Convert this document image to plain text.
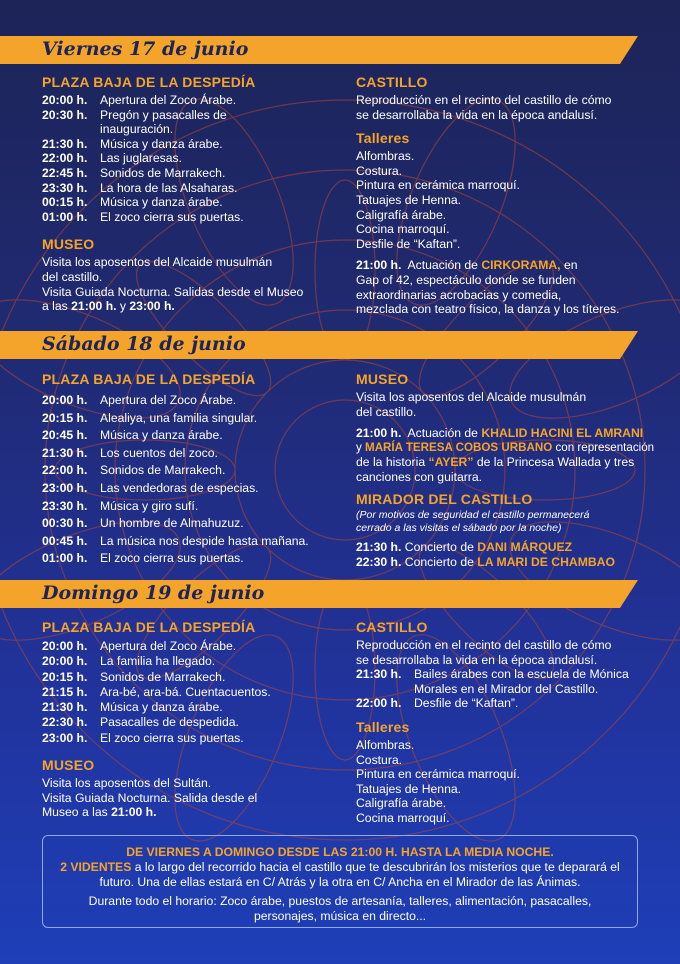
Viernes 17 de junio
PLAZA BAJA DE LA DESPEDÍA
20:00 h.	Apertura del Zoco Árabe.
20:30 h.	Pregón y pasacalles de inauguración.
21:30 h.	Música y danza árabe.
22:00 h.	Las juglaresas.
22:45 h.	Sonidos de Marrakech.
23:30 h.	La hora de las Alsaharas.
00:15 h.	Música y danza árabe.
01:00 h.	El zoco cierra sus puertas.
MUSEO
Visita los aposentos del Alcaide musulmán
del castillo.
Visita Guiada Nocturna. Salidas desde el Museo
a las 21:00 h. y 23:00 h.
CASTILLO
Reproducción en el recinto del castillo de cómo
se desarrollaba la vida en la época andalusí.
Talleres
Alfombras.
Costura.
Pintura en cerámica marroquí.
Tatuajes de Henna.
Caligrafía árabe.
Cocina marroquí.
Desfile de “Kaftan”.
21:00 h. Actuación de CIRKORAMA, en
Gap of 42, espectáculo donde se funden
extraordinarias acrobacias y comedia,
mezclada con teatro físico, la danza y los títeres.
Sábado 18 de junio
PLAZA BAJA DE LA DESPEDÍA
20:00 h.	Apertura del Zoco Árabe.
20:15 h.	Alealiya, una familia singular.
20:45 h.	Música y danza árabe.
21:30 h.	Los cuentos del zoco.
22:00 h.	Sonidos de Marrakech.
23:00 h.	Las vendedoras de especias.
23:30 h.	Música y giro sufí.
00:30 h.	Un hombre de Almahuzuz.
00:45 h.	La música nos despide hasta mañana.
01:00 h.	El zoco cierra sus puertas.
MUSEO
Visita los aposentos del Alcaide musulmán
del castillo.
21:00 h. Actuación de KHALID HACINI EL AMRANI
y MARÍA TERESA COBOS URBANO con representación
de la historia “AYER” de la Princesa Wallada y tres
canciones con guitarra.
MIRADOR DEL CASTILLO
(Por motivos de seguridad el castillo permanecerá
cerrado a las visitas el sábado por la noche)
21:30 h. Concierto de DANI MÁRQUEZ
22:30 h. Concierto de LA MARI DE CHAMBAO
Domingo 19 de junio
PLAZA BAJA DE LA DESPEDÍA
20:00 h.	Apertura del Zoco Árabe.
20:00 h.	La familia ha llegado.
20:15 h.	Sonidos de Marrakech.
21:15 h.	Ara-bé, ara-bá. Cuentacuentos.
21:30 h.	Música y danza árabe.
22:30 h.	Pasacalles de despedida.
23:00 h.	El zoco cierra sus puertas.
MUSEO
Visita los aposentos del Sultán.
Visita Guiada Nocturna. Salida desde el
Museo a las 21:00 h.
CASTILLO
Reproducción en el recinto del castillo de cómo
se desarrollaba la vida en la época andalusí.
21:30 h.	Bailes árabes con la escuela de Mónica
Morales en el Mirador del Castillo.
22:00 h.	Desfile de “Kaftan”.
Talleres
Alfombras.
Costura.
Pintura en cerámica marroquí.
Tatuajes de Henna.
Caligrafía árabe.
Cocina marroquí.
DE VIERNES A DOMINGO DESDE LAS 21:00 H. HASTA LA MEDIA NOCHE.
2 VIDENTES a lo largo del recorrido hacia el castillo que te descubrirán los misterios que te deparará el
futuro. Una de ellas estará en C/ Atrás y la otra en C/ Ancha en el Mirador de las Ánimas.
Durante todo el horario: Zoco árabe, puestos de artesanía, talleres, alimentación, pasacalles,
personajes, música en directo...
